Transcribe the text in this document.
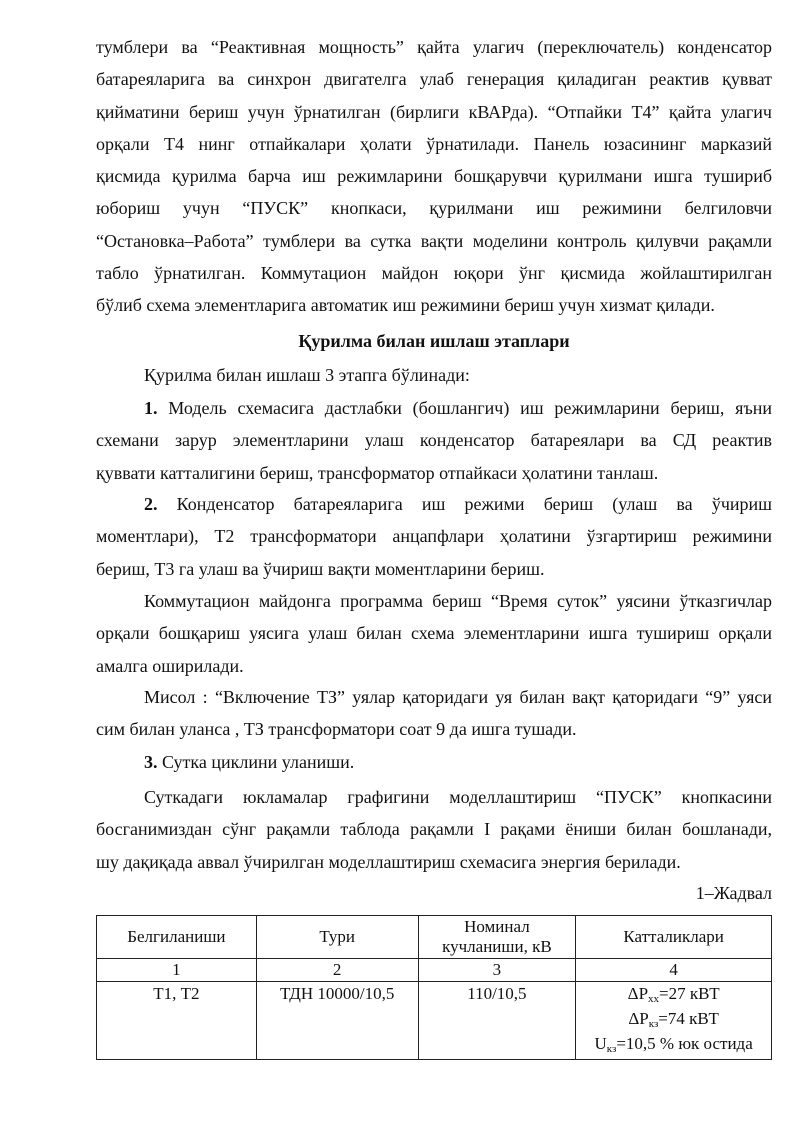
тумблери ва “Реактивная мощность” қайта улагич (переключатель) конденсатор
батареяларига ва синхрон двигателга улаб генерация қиладиган реактив қувват
қийматини бериш учун ўрнатилган (бирлиги кВАРда). “Отпайки Т4” қайта улагич
орқали Т4 нинг отпайкалари ҳолати ўрнатилади. Панель юзасининг марказий
қисмида қурилма барча иш режимларини бошқарувчи қурилмани ишга тушириб
юбориш учун “ПУСК” кнопкаси, қурилмани иш режимини белгиловчи
“Остановка–Работа” тумблери ва сутка вақти моделини контроль қилувчи рақамли
табло ўрнатилган. Коммутацион майдон юқори ўнг қисмида жойлаштирилган
бўлиб схема элементларига автоматик иш режимини бериш учун хизмат қилади.

Қурилма билан ишлаш этаплари

Қурилма билан ишлаш 3 этапга бўлинади:
1. Модель схемасига дастлабки (бошлангич) иш режимларини бериш, яъни
схемани зарур элементларини улаш конденсатор батареялари ва СД реактив
қуввати катталигини бериш, трансформатор отпайкаси ҳолатини танлаш.
2. Конденсатор батареяларига иш режими бериш (улаш ва ўчириш
моментлари), Т2 трансформатори анцапфлари ҳолатини ўзгартириш режимини
бериш, Т3 га улаш ва ўчириш вақти моментларини бериш.
Коммутацион майдонга программа бериш “Время суток” уясини ўтказгичлар
орқали бошқариш уясига улаш билан схема элементларини ишга тушириш орқали
амалга оширилади.
Мисол : “Включение ТЗ” уялар қаторидаги уя билан вақт қаторидаги “9” уяси
сим билан уланса , ТЗ трансформатори соат 9 да ишга тушади.
3. Сутка циклини уланиши.
Суткадаги юкламалар графигини моделлаштириш “ПУСК” кнопкасини
босганимиздан сўнг рақамли таблода рақамли I рақами ёниши билан бошланади,
шу дақиқада аввал ўчирилган моделлаштириш схемасига энергия берилади.

1–Жадвал

Белгиланиши	Тури	Номинал кучланиши, кВ	Катталиклари
1	2	3	4
Т1, Т2	ТДН 10000/10,5	110/10,5	$\Delta P_{хх}=27$ кВТ
$\Delta P_{кз}=74$ кВТ
$U_{кз}=10,5$ % юк остида
